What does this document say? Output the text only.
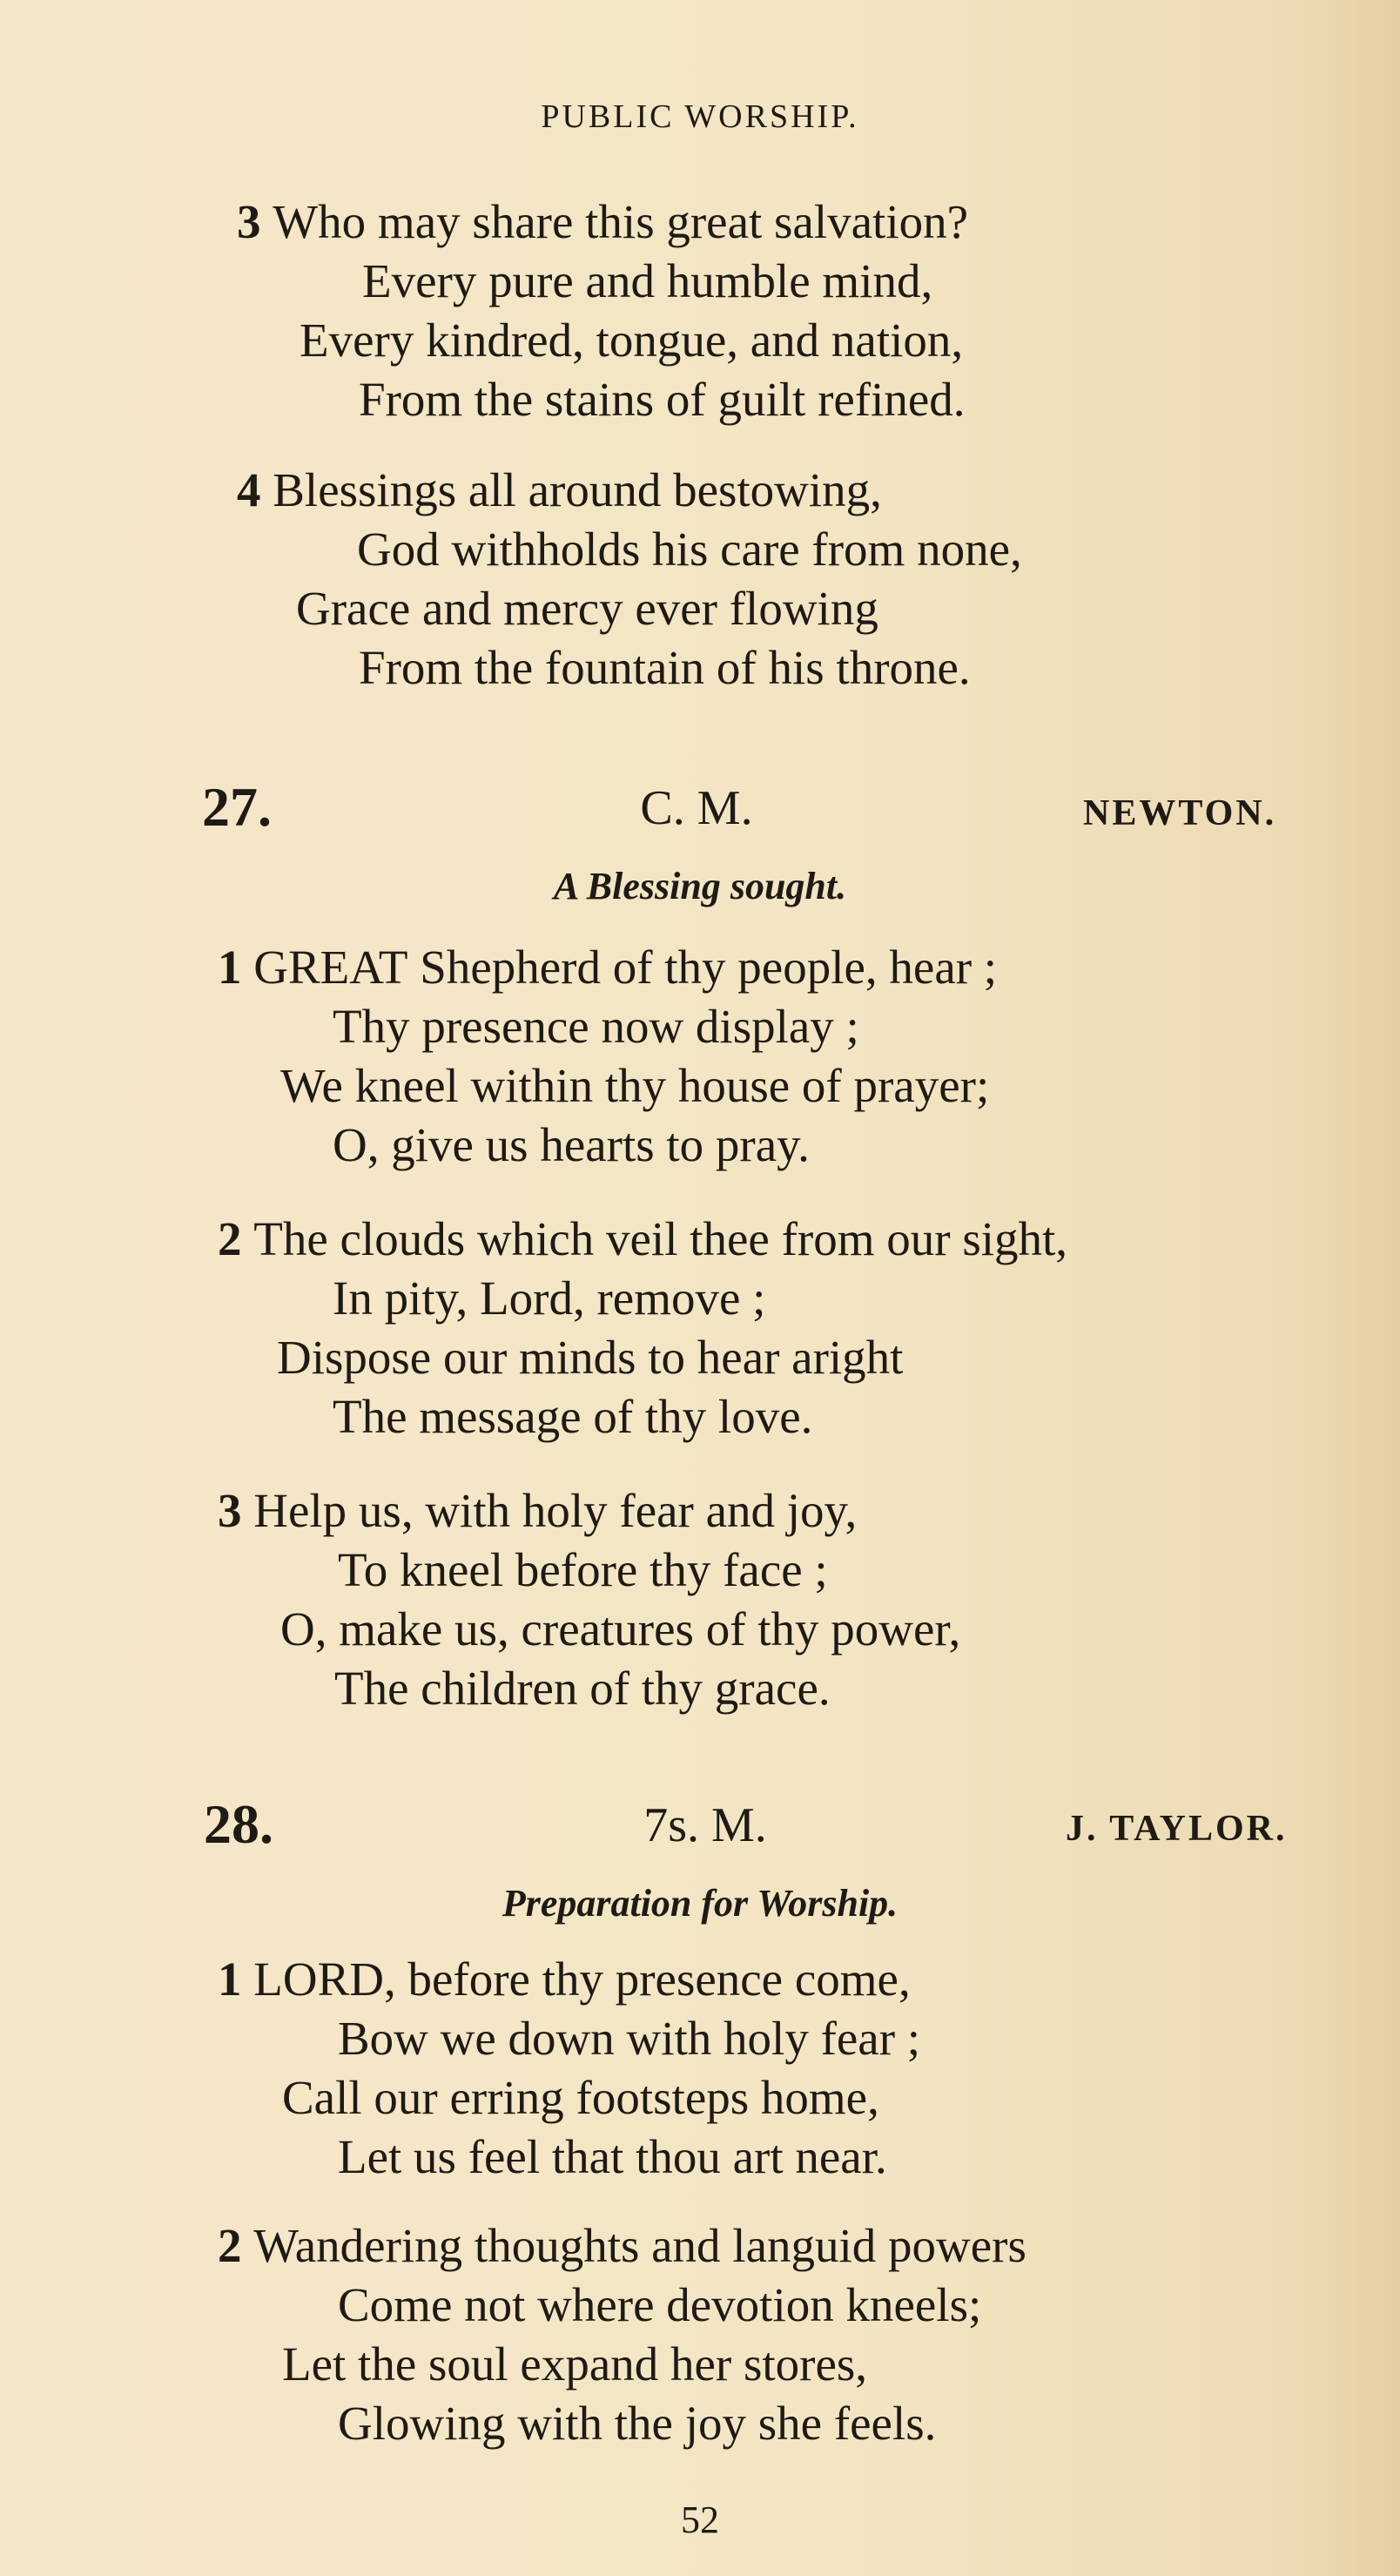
PUBLIC WORSHIP.
3 Who may share this great salvation?
Every pure and humble mind,
Every kindred, tongue, and nation,
From the stains of guilt refined.
4 Blessings all around bestowing,
God withholds his care from none,
Grace and mercy ever flowing
From the fountain of his throne.
27.	C. M.	NEWTON.
A Blessing sought.
1 GREAT Shepherd of thy people, hear ;
Thy presence now display ;
We kneel within thy house of prayer;
O, give us hearts to pray.
2 The clouds which veil thee from our sight,
In pity, Lord, remove ;
Dispose our minds to hear aright
The message of thy love.
3 Help us, with holy fear and joy,
To kneel before thy face ;
O, make us, creatures of thy power,
The children of thy grace.
28.	7s. M.	J. TAYLOR.
Preparation for Worship.
1 LORD, before thy presence come,
Bow we down with holy fear ;
Call our erring footsteps home,
Let us feel that thou art near.
2 Wandering thoughts and languid powers
Come not where devotion kneels;
Let the soul expand her stores,
Glowing with the joy she feels.
52
